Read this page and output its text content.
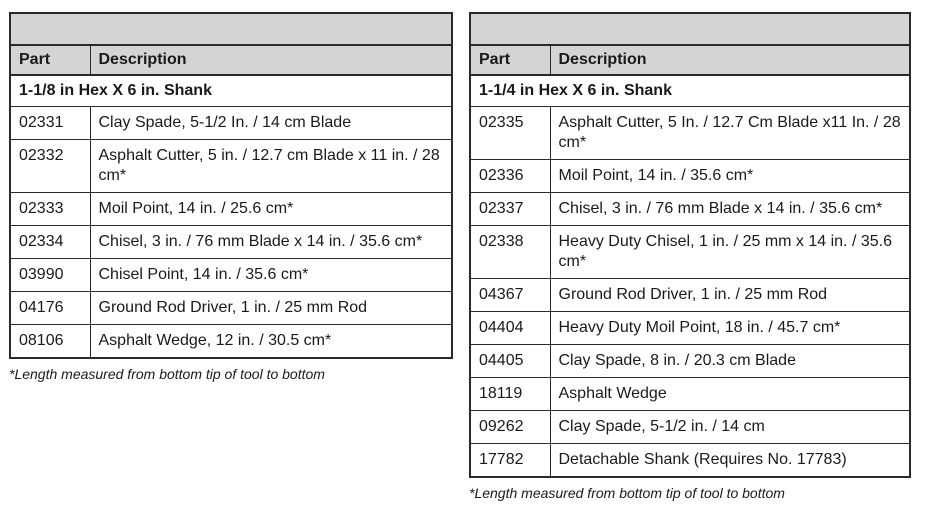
Part	Description
1-1/8 in Hex X 6 in. Shank	
02331	Clay Spade, 5-1/2 In. / 14 cm Blade
02332	Asphalt Cutter, 5 in. / 12.7 cm Blade x 11 in. / 28 cm*
02333	Moil Point, 14 in. / 25.6 cm*
02334	Chisel, 3 in. / 76 mm Blade x 14 in. / 35.6 cm*
03990	Chisel Point, 14 in. / 35.6 cm*
04176	Ground Rod Driver, 1 in. / 25 mm Rod
08106	Asphalt Wedge, 12 in. / 30.5 cm*
*Length measured from bottom tip of tool to bottom

Part	Description
1-1/4 in Hex X 6 in. Shank	
02335	Asphalt Cutter, 5 In. / 12.7 Cm Blade x11 In. / 28 cm*
02336	Moil Point, 14 in. / 35.6 cm*
02337	Chisel, 3 in. / 76 mm Blade x 14 in. / 35.6 cm*
02338	Heavy Duty Chisel, 1 in. / 25 mm x 14 in. / 35.6 cm*
04367	Ground Rod Driver, 1 in. / 25 mm Rod
04404	Heavy Duty Moil Point, 18 in. / 45.7 cm*
04405	Clay Spade, 8 in. / 20.3 cm Blade
18119	Asphalt Wedge
09262	Clay Spade, 5-1/2 in. / 14 cm
17782	Detachable Shank (Requires No. 17783)
*Length measured from bottom tip of tool to bottom
